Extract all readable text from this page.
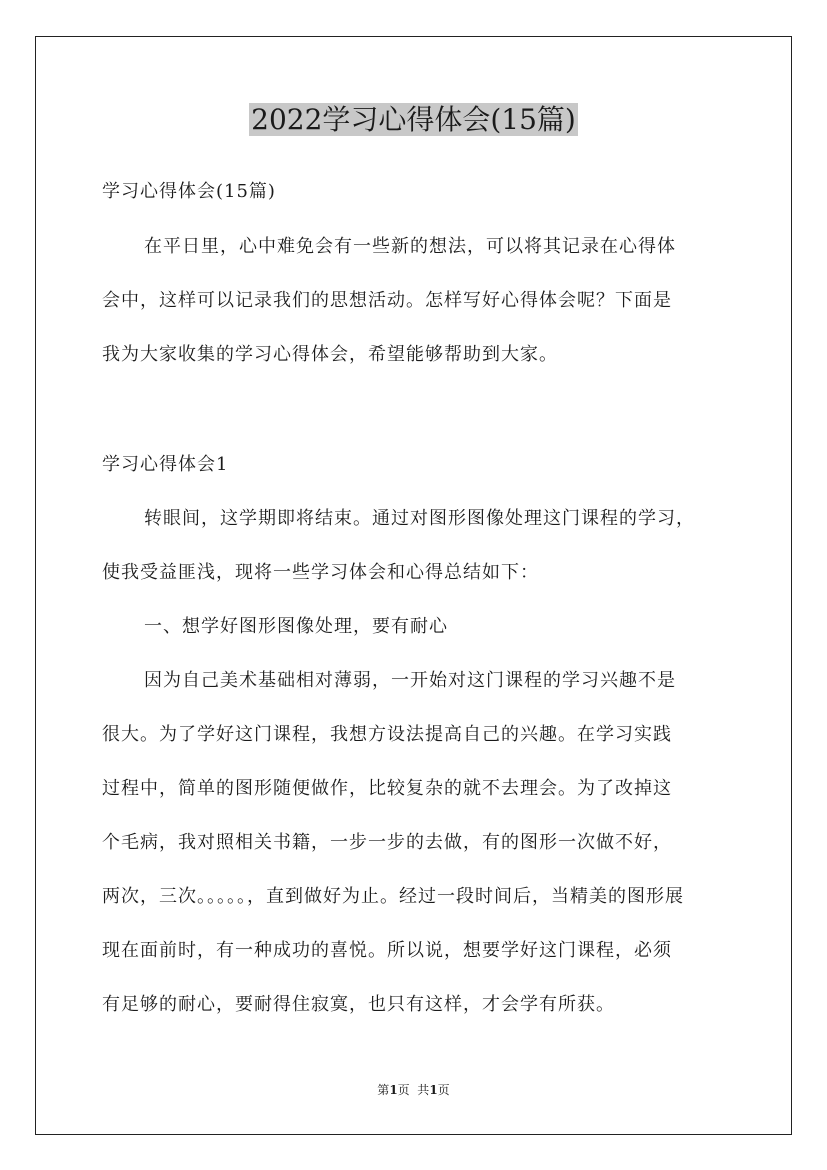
2022学习心得体会(15篇)
学习心得体会(15篇)
在平日里，心中难免会有一些新的想法，可以将其记录在心得体
会中，这样可以记录我们的思想活动。怎样写好心得体会呢？下面是
我为大家收集的学习心得体会，希望能够帮助到大家。
学习心得体会1
转眼间，这学期即将结束。通过对图形图像处理这门课程的学习，
使我受益匪浅，现将一些学习体会和心得总结如下：
一、想学好图形图像处理，要有耐心
因为自己美术基础相对薄弱，一开始对这门课程的学习兴趣不是
很大。为了学好这门课程，我想方设法提高自己的兴趣。在学习实践
过程中，简单的图形随便做作，比较复杂的就不去理会。为了改掉这
个毛病，我对照相关书籍，一步一步的去做，有的图形一次做不好，
两次，三次。。。。。，直到做好为止。经过一段时间后，当精美的图形展
现在面前时，有一种成功的喜悦。所以说，想要学好这门课程，必须
有足够的耐心，要耐得住寂寞，也只有这样，才会学有所获。
第1页  共1页
